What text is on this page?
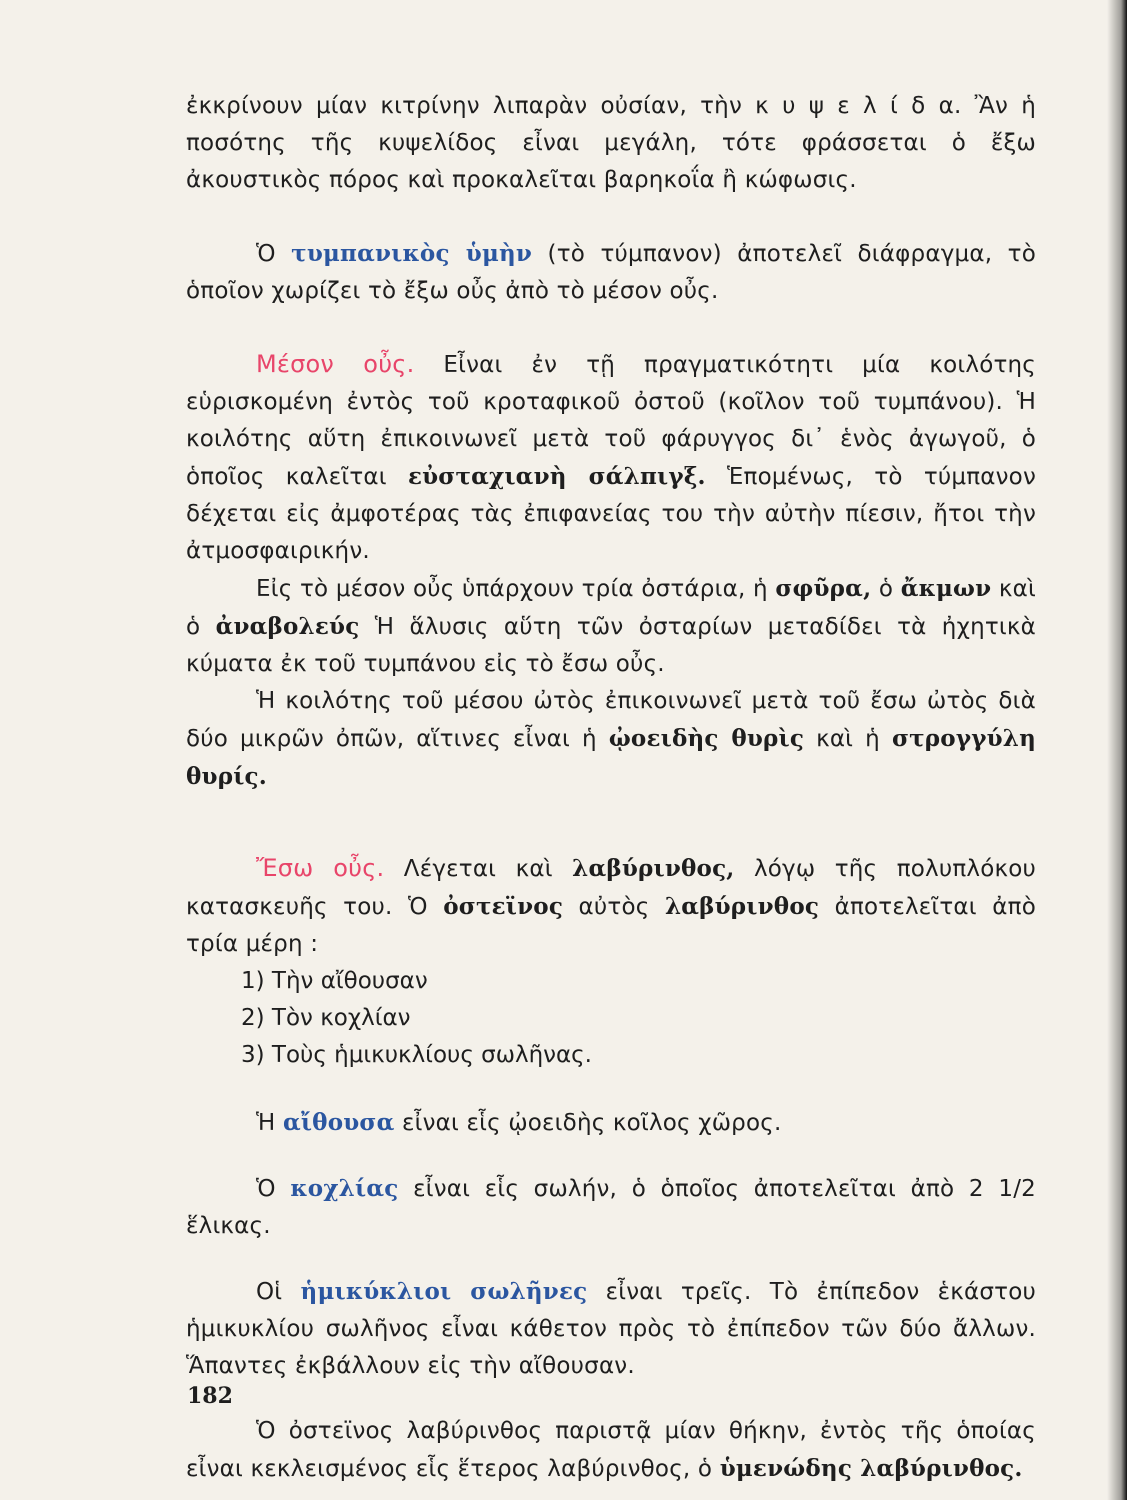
ἐκκρίνουν μίαν κιτρίνην λιπαρὰν οὐσίαν, τὴν κ υ ψ ε λ ί δ α. Ἂν ἡ ποσότης τῆς κυψελίδος εἶναι μεγάλη, τότε φράσσεται ὁ ἔξω ἀκουστικὸς πόρος καὶ προκαλεῖται βαρηκοΐα ἢ κώφωσις.

Ὁ τυμπανικὸς ὑμὴν (τὸ τύμπανον) ἀποτελεῖ διάφραγμα, τὸ ὁποῖον χωρίζει τὸ ἔξω οὖς ἀπὸ τὸ μέσον οὖς.

Μέσον οὖς. Εἶναι ἐν τῇ πραγματικότητι μία κοιλότης εὑρισκομένη ἐντὸς τοῦ κροταφικοῦ ὀστοῦ (κοῖλον τοῦ τυμπάνου). Ἡ κοιλότης αὕτη ἐπικοινωνεῖ μετὰ τοῦ φάρυγγος δι᾽ ἑνὸς ἀγωγοῦ, ὁ ὁποῖος καλεῖται εὐσταχιανὴ σάλπιγξ. Ἑπομένως, τὸ τύμπανον δέχεται εἰς ἀμφοτέρας τὰς ἐπιφανείας του τὴν αὐτὴν πίεσιν, ἤτοι τὴν ἀτμοσφαιρικήν.

Εἰς τὸ μέσον οὖς ὑπάρχουν τρία ὀστάρια, ἡ σφῦρα, ὁ ἄκμων καὶ ὁ ἀναβολεύς Ἡ ἅλυσις αὕτη τῶν ὀσταρίων μεταδίδει τὰ ἠχητικὰ κύματα ἐκ τοῦ τυμπάνου εἰς τὸ ἔσω οὖς.

Ἡ κοιλότης τοῦ μέσου ὠτὸς ἐπικοινωνεῖ μετὰ τοῦ ἔσω ὠτὸς διὰ δύο μικρῶν ὀπῶν, αἵτινες εἶναι ἡ ᾠοειδὴς θυρὶς καὶ ἡ στρογγύλη θυρίς.

Ἔσω οὖς. Λέγεται καὶ λαβύρινθος, λόγῳ τῆς πολυπλόκου κατασκευῆς του. Ὁ ὀστεϊνος αὐτὸς λαβύρινθος ἀποτελεῖται ἀπὸ τρία μέρη :

1) Τὴν αἴθουσαν
2) Τὸν κοχλίαν
3) Τοὺς ἡμικυκλίους σωλῆνας.

Ἡ αἴθουσα εἶναι εἷς ᾠοειδὴς κοῖλος χῶρος.

Ὁ κοχλίας εἶναι εἷς σωλήν, ὁ ὁποῖος ἀποτελεῖται ἀπὸ 2 1/2 ἕλικας.

Οἱ ἡμικύκλιοι σωλῆνες εἶναι τρεῖς. Τὸ ἐπίπεδον ἑκάστου ἡμικυκλίου σωλῆνος εἶναι κάθετον πρὸς τὸ ἐπίπεδον τῶν δύο ἄλλων. Ἅπαντες ἐκβάλλουν εἰς τὴν αἴθουσαν.

Ὁ ὀστεϊνος λαβύρινθος παριστᾷ μίαν θήκην, ἐντὸς τῆς ὁποίας εἶναι κεκλεισμένος εἷς ἕτερος λαβύρινθος, ὁ ὑμενώδης λαβύρινθος.

182
